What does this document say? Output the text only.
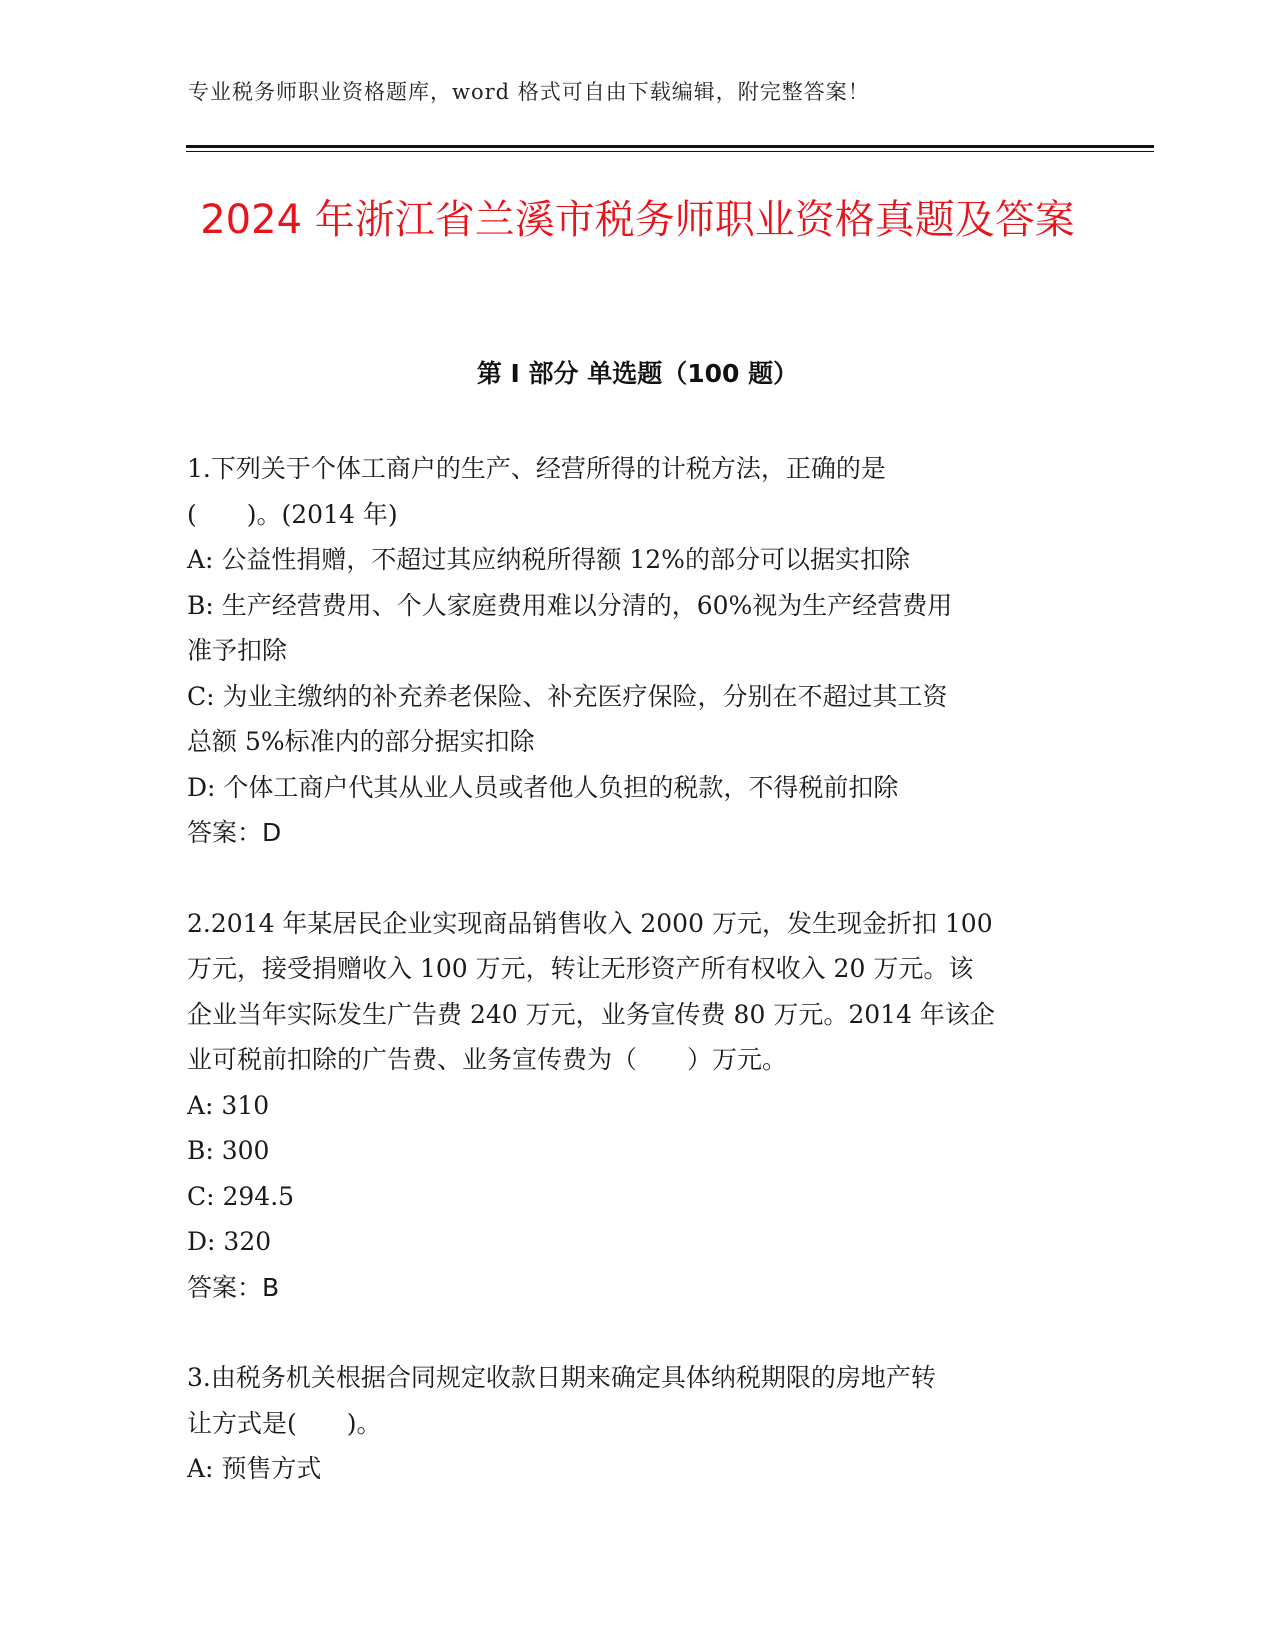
专业税务师职业资格题库，word 格式可自由下载编辑，附完整答案！
2024 年浙江省兰溪市税务师职业资格真题及答案
第 I 部分 单选题（100 题）

1.下列关于个体工商户的生产、经营所得的计税方法，正确的是

(　　)。(2014 年)

A: 公益性捐赠，不超过其应纳税所得额 12%的部分可以据实扣除

B: 生产经营费用、个人家庭费用难以分清的，60%视为生产经营费用

准予扣除

C: 为业主缴纳的补充养老保险、补充医疗保险，分别在不超过其工资

总额 5%标准内的部分据实扣除

D: 个体工商户代其从业人员或者他人负担的税款，不得税前扣除

答案：D

2.2014 年某居民企业实现商品销售收入 2000 万元，发生现金折扣 100

万元，接受捐赠收入 100 万元，转让无形资产所有权收入 20 万元。该

企业当年实际发生广告费 240 万元，业务宣传费 80 万元。2014 年该企

业可税前扣除的广告费、业务宣传费为（　　）万元。

A: 310

B: 300

C: 294.5

D: 320

答案：B

3.由税务机关根据合同规定收款日期来确定具体纳税期限的房地产转

让方式是(　　)。

A: 预售方式
